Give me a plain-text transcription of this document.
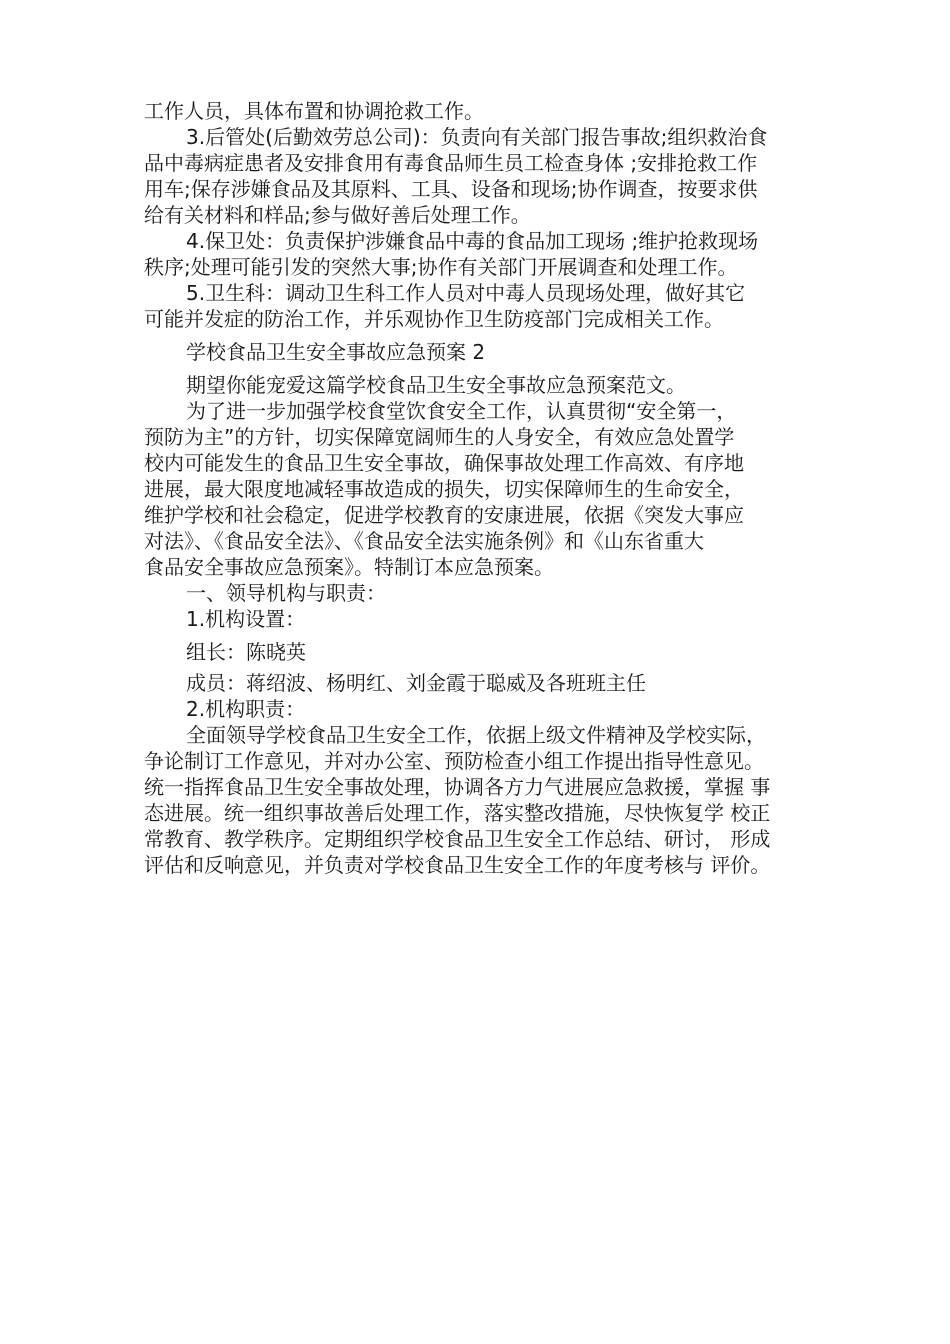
工作人员，具体布置和协调抢救工作。
3.后管处(后勤效劳总公司)：负责向有关部门报告事故;组织救治食
品中毒病症患者及安排食用有毒食品师生员工检查身体 ;安排抢救工作
用车;保存涉嫌食品及其原料、工具、设备和现场;协作调查，按要求供
给有关材料和样品;参与做好善后处理工作。
4.保卫处：负责保护涉嫌食品中毒的食品加工现场 ;维护抢救现场
秩序;处理可能引发的突然大事;协作有关部门开展调查和处理工作。
5.卫生科：调动卫生科工作人员对中毒人员现场处理，做好其它
可能并发症的防治工作，并乐观协作卫生防疫部门完成相关工作。
学校食品卫生安全事故应急预案 2
期望你能宠爱这篇学校食品卫生安全事故应急预案范文。
为了进一步加强学校食堂饮食安全工作，认真贯彻“安全第一，
预防为主”的方针，切实保障宽阔师生的人身安全，有效应急处置学
校内可能发生的食品卫生安全事故，确保事故处理工作高效、有序地
进展，最大限度地减轻事故造成的损失，切实保障师生的生命安全，
维护学校和社会稳定，促进学校教育的安康进展，依据《突发大事应
对法》、《食品安全法》、《食品安全法实施条例》和《山东省重大
食品安全事故应急预案》。特制订本应急预案。
一、领导机构与职责：
1.机构设置：
组长：陈晓英
成员：蒋绍波、杨明红、刘金霞于聪威及各班班主任
2.机构职责：
全面领导学校食品卫生安全工作，依据上级文件精神及学校实际，
争论制订工作意见，并对办公室、预防检查小组工作提出指导性意见。
统一指挥食品卫生安全事故处理，协调各方力气进展应急救援，掌握 事
态进展。统一组织事故善后处理工作，落实整改措施，尽快恢复学 校正
常教育、教学秩序。定期组织学校食品卫生安全工作总结、研讨， 形成
评估和反响意见，并负责对学校食品卫生安全工作的年度考核与 评价。
